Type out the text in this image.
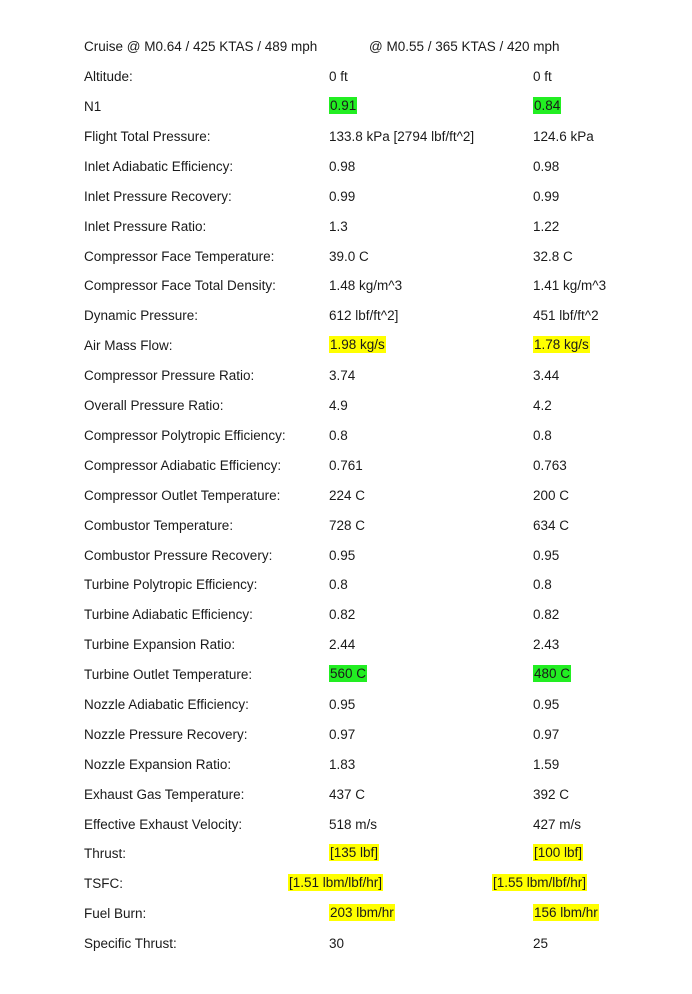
Cruise @ M0.64 / 425 KTAS / 489 mph	@ M0.55 / 365 KTAS / 420 mph
Altitude:	0 ft	0 ft
N1	0.91	0.84
Flight Total Pressure:	133.8 kPa [2794 lbf/ft^2]	124.6 kPa
Inlet Adiabatic Efficiency:	0.98	0.98
Inlet Pressure Recovery:	0.99	0.99
Inlet Pressure Ratio:	1.3	1.22
Compressor Face Temperature:	39.0 C	32.8 C
Compressor Face Total Density:	1.48 kg/m^3	1.41 kg/m^3
Dynamic Pressure:	612 lbf/ft^2]	451 lbf/ft^2
Air Mass Flow:	1.98 kg/s	1.78 kg/s
Compressor Pressure Ratio:	3.74	3.44
Overall Pressure Ratio:	4.9	4.2
Compressor Polytropic Efficiency:	0.8	0.8
Compressor Adiabatic Efficiency:	0.761	0.763
Compressor Outlet Temperature:	224 C	200 C
Combustor Temperature:	728 C	634 C
Combustor Pressure Recovery:	0.95	0.95
Turbine Polytropic Efficiency:	0.8	0.8
Turbine Adiabatic Efficiency:	0.82	0.82
Turbine Expansion Ratio:	2.44	2.43
Turbine Outlet Temperature:	560 C	480 C
Nozzle Adiabatic Efficiency:	0.95	0.95
Nozzle Pressure Recovery:	0.97	0.97
Nozzle Expansion Ratio:	1.83	1.59
Exhaust Gas Temperature:	437 C	392 C
Effective Exhaust Velocity:	518 m/s	427 m/s
Thrust:	[135 lbf]	[100 lbf]
TSFC:	[1.51 lbm/lbf/hr]	[1.55 lbm/lbf/hr]
Fuel Burn:	203 lbm/hr	156 lbm/hr
Specific Thrust:	30	25
